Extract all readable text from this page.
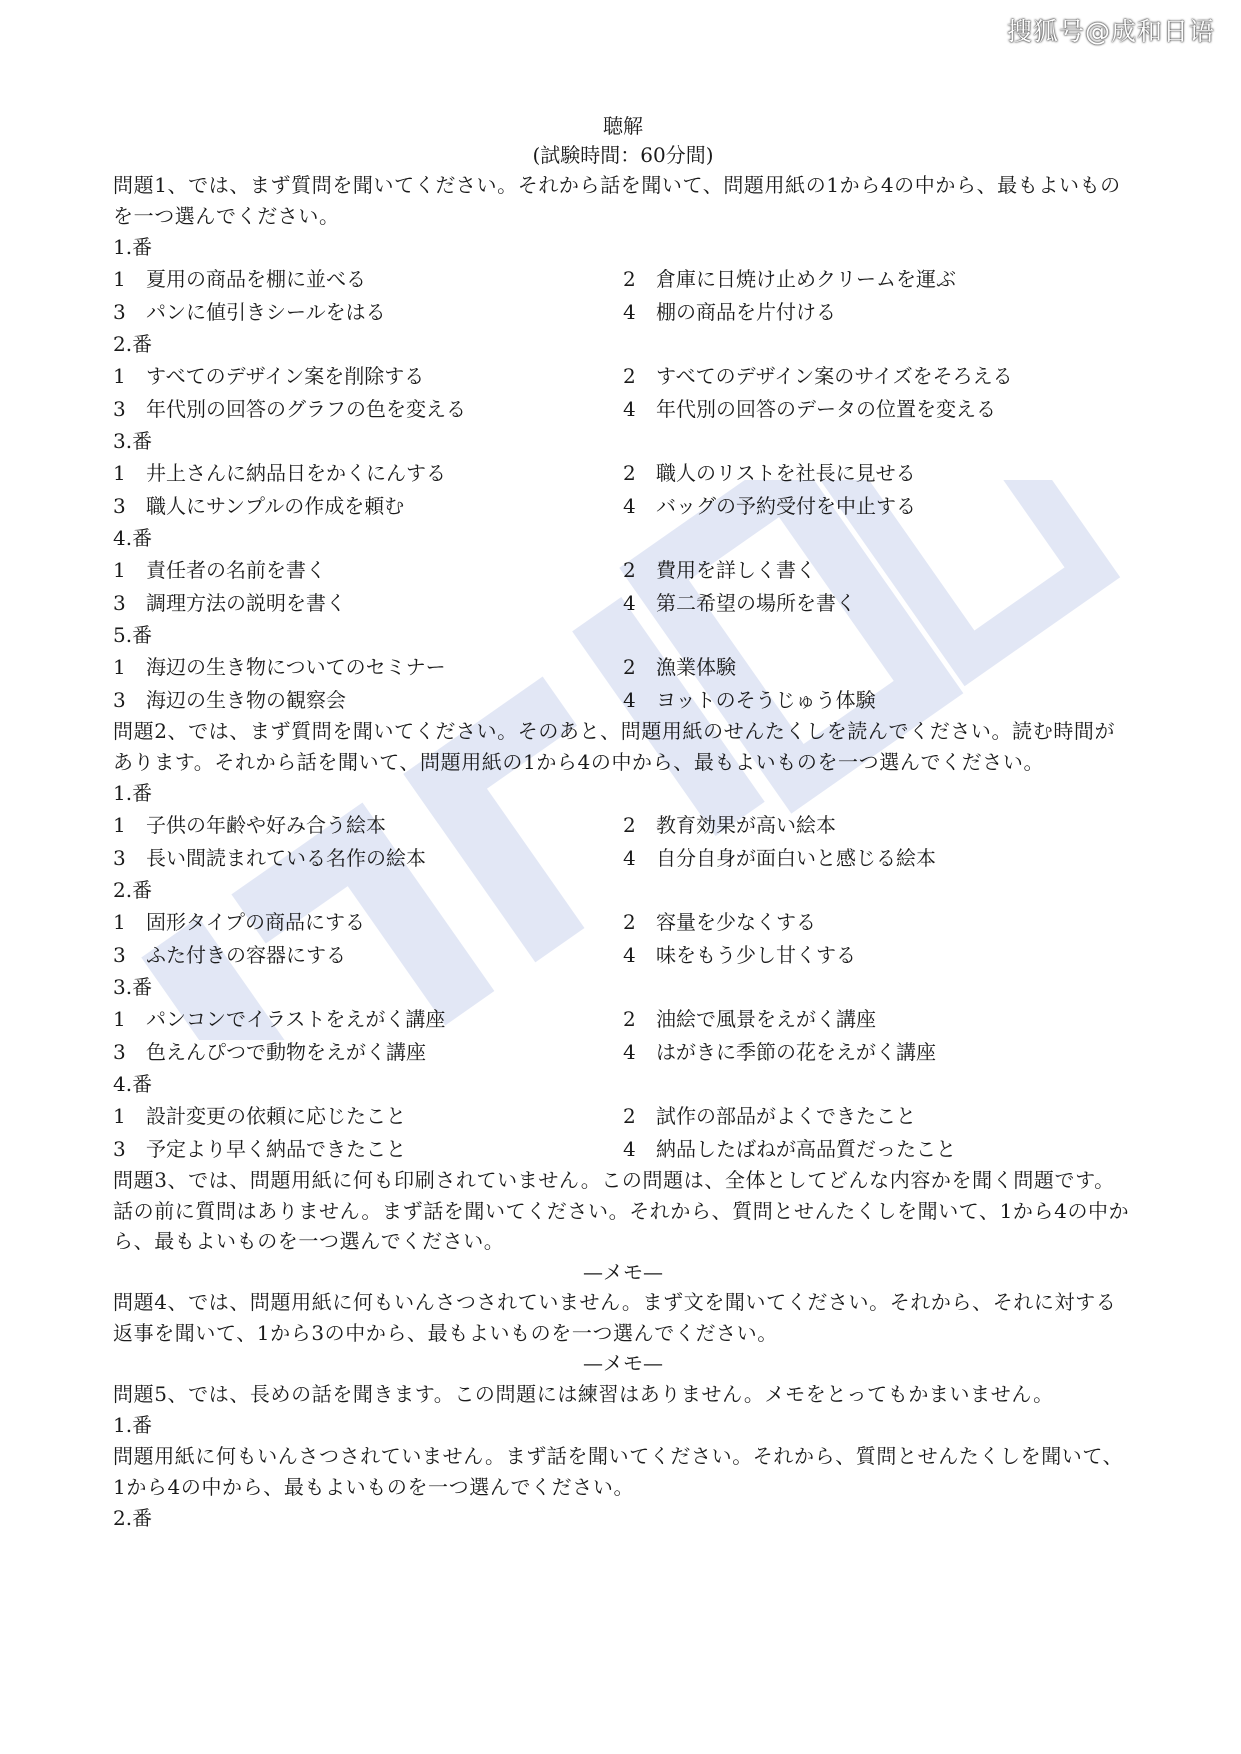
搜狐号@成和日语
聴解
(試験時間：60分間)
問題1、では、まず質問を聞いてください。それから話を聞いて、問題用紙の1から4の中から、最もよいものを一つ選んでください。
1.番
1	夏用の商品を棚に並べる	2	倉庫に日焼け止めクリームを運ぶ
3	パンに値引きシールをはる	4	棚の商品を片付ける
2.番
1	すべてのデザイン案を削除する	2	すべてのデザイン案のサイズをそろえる
3	年代別の回答のグラフの色を変える	4	年代別の回答のデータの位置を変える
3.番
1	井上さんに納品日をかくにんする	2	職人のリストを社長に見せる
3	職人にサンプルの作成を頼む	4	バッグの予約受付を中止する
4.番
1	責任者の名前を書く	2	費用を詳しく書く
3	調理方法の説明を書く	4	第二希望の場所を書く
5.番
1	海辺の生き物についてのセミナー	2	漁業体験
3	海辺の生き物の観察会	4	ヨットのそうじゅう体験
問題2、では、まず質問を聞いてください。そのあと、問題用紙のせんたくしを読んでください。読む時間があります。それから話を聞いて、問題用紙の1から4の中から、最もよいものを一つ選んでください。
1.番
1	子供の年齢や好み合う絵本	2	教育効果が高い絵本
3	長い間読まれている名作の絵本	4	自分自身が面白いと感じる絵本
2.番
1	固形タイプの商品にする	2	容量を少なくする
3	ふた付きの容器にする	4	味をもう少し甘くする
3.番
1	パンコンでイラストをえがく講座	2	油絵で風景をえがく講座
3	色えんぴつで動物をえがく講座	4	はがきに季節の花をえがく講座
4.番
1	設計変更の依頼に応じたこと	2	試作の部品がよくできたこと
3	予定より早く納品できたこと	4	納品したばねが高品質だったこと
問題3、では、問題用紙に何も印刷されていません。この問題は、全体としてどんな内容かを聞く問題です。話の前に質問はありません。まず話を聞いてください。それから、質問とせんたくしを聞いて、1から4の中から、最もよいものを一つ選んでください。
—メモ—
問題4、では、問題用紙に何もいんさつされていません。まず文を聞いてください。それから、それに対する返事を聞いて、1から3の中から、最もよいものを一つ選んでください。
—メモ—
問題5、では、長めの話を聞きます。この問題には練習はありません。メモをとってもかまいません。
1.番
問題用紙に何もいんさつされていません。まず話を聞いてください。それから、質問とせんたくしを聞いて、1から4の中から、最もよいものを一つ選んでください。
2.番
